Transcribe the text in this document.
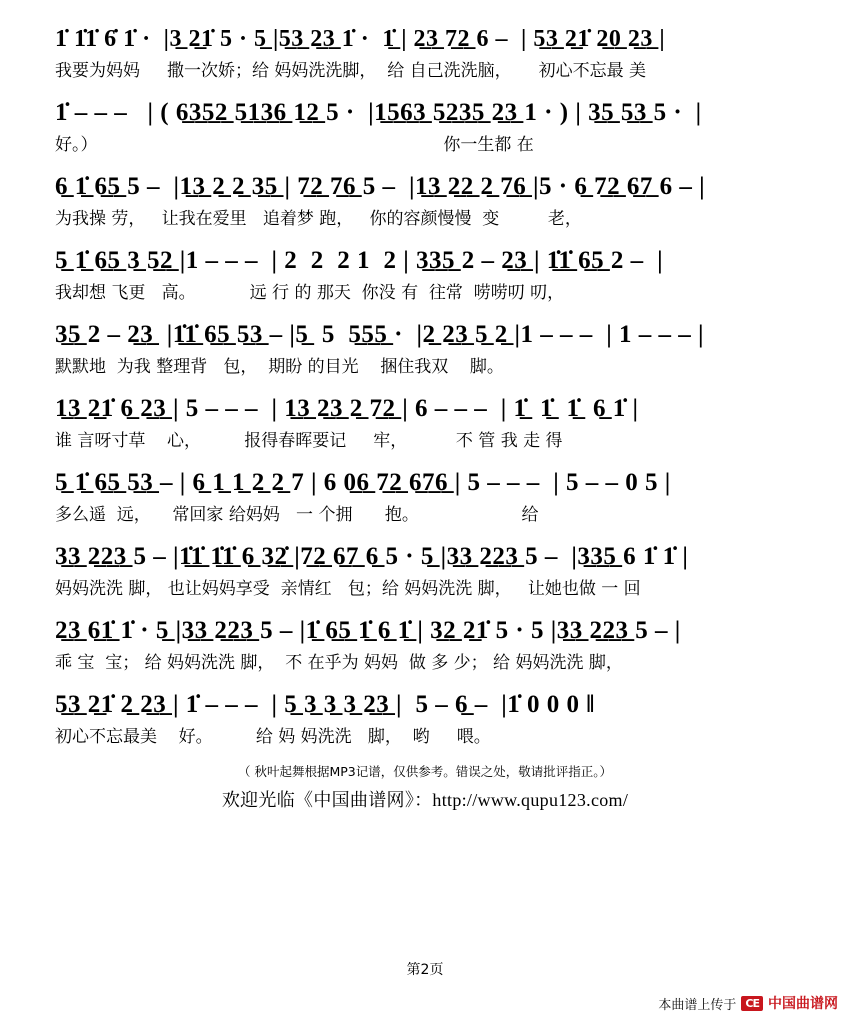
1̇ 1̇1̇ 6̇ 1̇ ·  |3̲ 2̲1̇ 5 · 5̲ |5̲3̲ 2̲3̲ 1̇ ·  1̲̇ | 2̲3̲ 7̲2̲ 6 –  | 5̲3̲ 2̲1̇ 2̲0̲ 2̲3̲ |
我要为妈妈     撒一次娇；给 妈妈洗洗脚，  给 自己洗洗脑，     初心不忘最 美
1̇ – – –   | ( 6̲3̲5̲2̲ 5̲1̲3̲6̲ 1̲2̲ 5 ·  |1̲5̲6̲3̲ 5̲2̲3̲5̲ 2̲3̲ 1 · ) | 3̲5̲ 5̲3̲ 5 ·  |
好。）                                                                你一生都 在
6̲ 1̲̇ 6̲5̲ 5 –  |1̲3̲ 2̲ 2̲ 3̲5̲ | 7̲2̲ 7̲6̲ 5 –  |1̲3̲ 2̲2̲ 2̲ 7̲6̲ |5 · 6̲ 7̲2̲ 6̲7̲ 6 – |
为我操 劳，   让我在爱里   追着梦 跑，   你的容颜慢慢  变         老，
5̲ 1̲̇ 6̲5̲ 3̲ 5̲2̲ |1 – – –  | 2  2  2 1  2 | 3̲3̲5̲ 2 – 2̲3̲ | 1̲̇1̲̇ 6̲5̲ 2 –  |
我却想 飞更   高。          远 行 的 那天  你没 有  往常  唠唠叨 叨，
3̲5̲ 2 – 2̲3̲  |1̲̇1̲̇ 6̲5̲ 5̲3̲ – |5̲  5  5̲5̲5̲ ·  |2̲ 2̲3̲ 5̲ 2̲ |1 – – –  | 1 – – – |
默默地  为我 整理背   包，  期盼 的目光    捆住我双    脚。
1̲3̲ 2̲1̇ 6̲ 2̲3̲ | 5 – – –  | 1̲3̲ 2̲3̲ 2̲ 7̲2̲ | 6 – – –  | 1̲̇  1̲̇  1̲̇  6̲ 1̇ |
谁 言呀寸草    心，        报得春晖要记     牢，         不 管 我 走 得
5̲ 1̲̇ 6̲5̲ 5̲3̲ – | 6̲ 1̲ 1̲ 2̲ 2̲ 7 | 6 0̲6̲ 7̲2̲ 6̲7̲6̲ | 5 – – –  | 5 – – 0 5 |
多么遥  远，    常回家 给妈妈   一 个拥      抱。                   给
3̲3̲ 2̲2̲3̲ 5 – |1̲̇1̲̇ 1̲̇1̲̇ 6̲ 3̲2̲̇ |7̲2̲ 6̲7̲ 6̲ 5 · 5̲ |3̲3̲ 2̲2̲3̲ 5 –  |3̲3̲5̲ 6 1̇ 1̇ |
妈妈洗洗 脚， 也让妈妈享受  亲情红   包；给 妈妈洗洗 脚，   让她也做 一 回
2̲3̲ 6̲1̲̇ 1̇ · 5̲ |3̲3̲ 2̲2̲3̲ 5 – |1̲̇ 6̲5̲ 1̲̇ 6̲ 1̲̇ | 3̲2̲ 2̲1̇ 5 · 5 |3̲3̲ 2̲2̲3̲ 5 – |
乖 宝  宝； 给 妈妈洗洗 脚，  不 在乎为 妈妈  做 多 少； 给 妈妈洗洗 脚，
5̲3̲ 2̲1̇ 2̲ 2̲3̲ | 1̇ – – –  | 5̲ 3̲ 3̲ 3̲ 2̲3̲ |  5 – 6̲ –  |1̇ 0 0 0 ‖
初心不忘最美    好。        给 妈 妈洗洗   脚，  哟     喂。
（ 秋叶起舞根据MP3记谱，仅供参考。错误之处，敬请批评指正。）
欢迎光临《中国曲谱网》：http://www.qupu123.com/
第2页
本曲谱上传于 CE 中国曲谱网
